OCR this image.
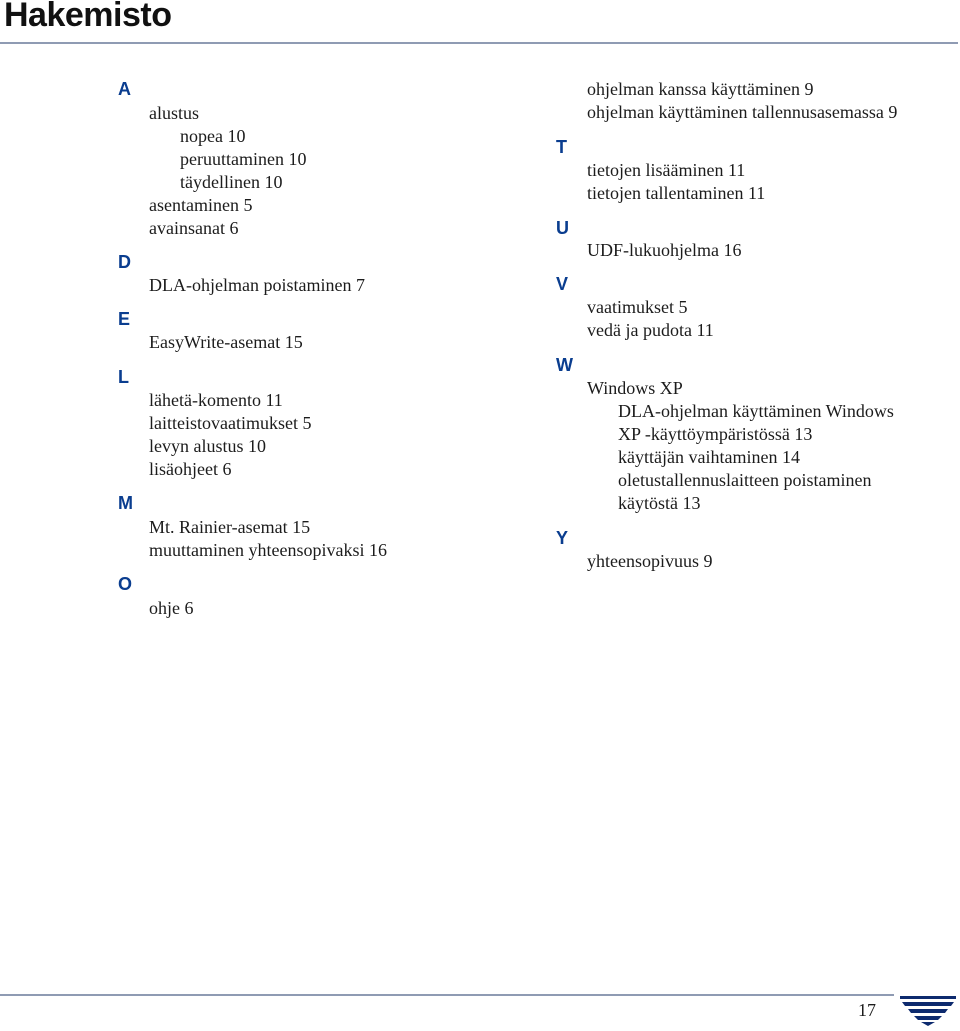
Hakemisto
A
D
E
L
M
O
alustus
nopea 10
peruuttaminen 10
täydellinen 10
asentaminen 5
avainsanat 6
DLA-ohjelman poistaminen 7
EasyWrite-asemat 15
lähetä-komento 11
laitteistovaatimukset 5
levyn alustus 10
lisäohjeet 6
Mt. Rainier-asemat 15
muuttaminen yhteensopivaksi 16
ohje 6
T
U
V
W
Y
ohjelman kanssa käyttäminen 9
ohjelman käyttäminen tallennusasemassa 9
tietojen lisääminen 11
tietojen tallentaminen 11
UDF-lukuohjelma 16
vaatimukset 5
vedä ja pudota 11
Windows XP
DLA-ohjelman käyttäminen Windows
XP -käyttöympäristössä 13
käyttäjän vaihtaminen 14
oletustallennuslaitteen poistaminen
käytöstä 13
yhteensopivuus 9
17
